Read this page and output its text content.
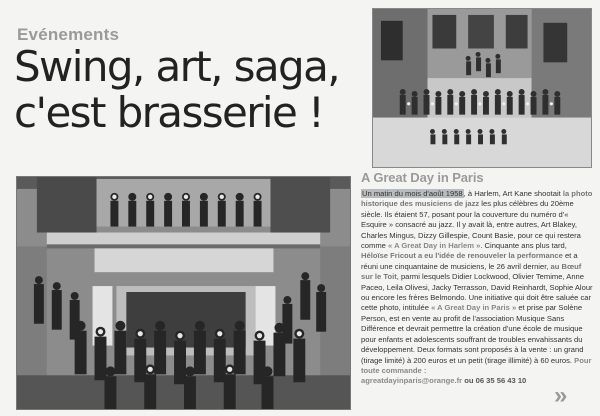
Evénements
Swing, art, saga,
c'est brasserie !
A Great Day in Paris

Un matin du mois d'août 1958, à Harlem, Art Kane shootait la photo historique des musiciens de jazz les plus célèbres du 20ème siècle. Ils étaient 57, posant pour la couverture du numéro d'« Esquire » consacré au jazz. Il y avait là, entre autres, Art Blakey, Charles Mingus, Dizzy Gillespie, Count Basie, pour ce qui restera comme « A Great Day in Harlem ». Cinquante ans plus tard, Héloïse Fricout a eu l'idée de renouveler la performance et a réuni une cinquantaine de musiciens, le 26 avril dernier, au Bœuf sur le Toit, parmi lesquels Didier Lockwood, Olivier Temime, Anne Paceo, Leila Olivesi, Jacky Terrasson, David Reinhardt, Sophie Alour ou encore les frères Belmondo. Une initiative qui doit être saluée car cette photo, intitulée « A Great Day in Paris » et prise par Solène Person, est en vente au profit de l'association Musique Sans Différence et devrait permettre la création d'une école de musique pour enfants et adolescents souffrant de troubles envahissants du développement. Deux formats sont proposés à la vente : un grand (tirage limité) à 200 euros et un petit (tirage illimité) à 60 euros. Pour toute commande :

agreatdayinparis@orange.fr ou 06 35 56 43 10

»
